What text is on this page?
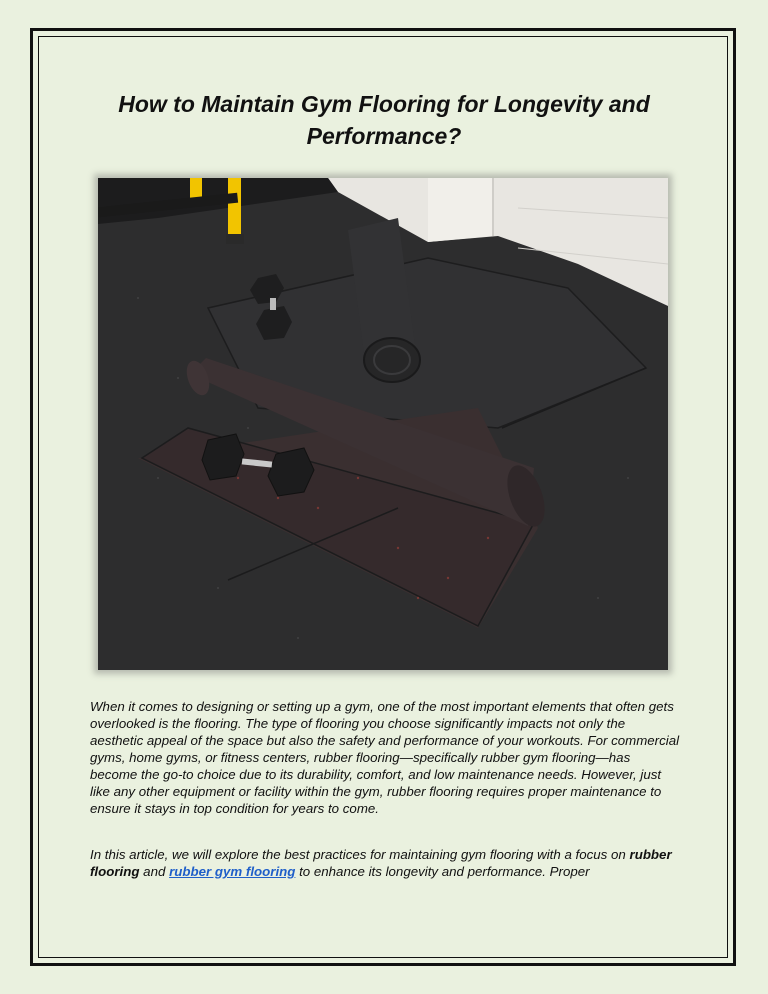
How to Maintain Gym Flooring for Longevity and Performance?

When it comes to designing or setting up a gym, one of the most important elements that often gets overlooked is the flooring. The type of flooring you choose significantly impacts not only the aesthetic appeal of the space but also the safety and performance of your workouts. For commercial gyms, home gyms, or fitness centers, rubber flooring—specifically rubber gym flooring—has become the go-to choice due to its durability, comfort, and low maintenance needs. However, just like any other equipment or facility within the gym, rubber flooring requires proper maintenance to ensure it stays in top condition for years to come.

In this article, we will explore the best practices for maintaining gym flooring with a focus on rubber flooring and rubber gym flooring to enhance its longevity and performance. Proper
